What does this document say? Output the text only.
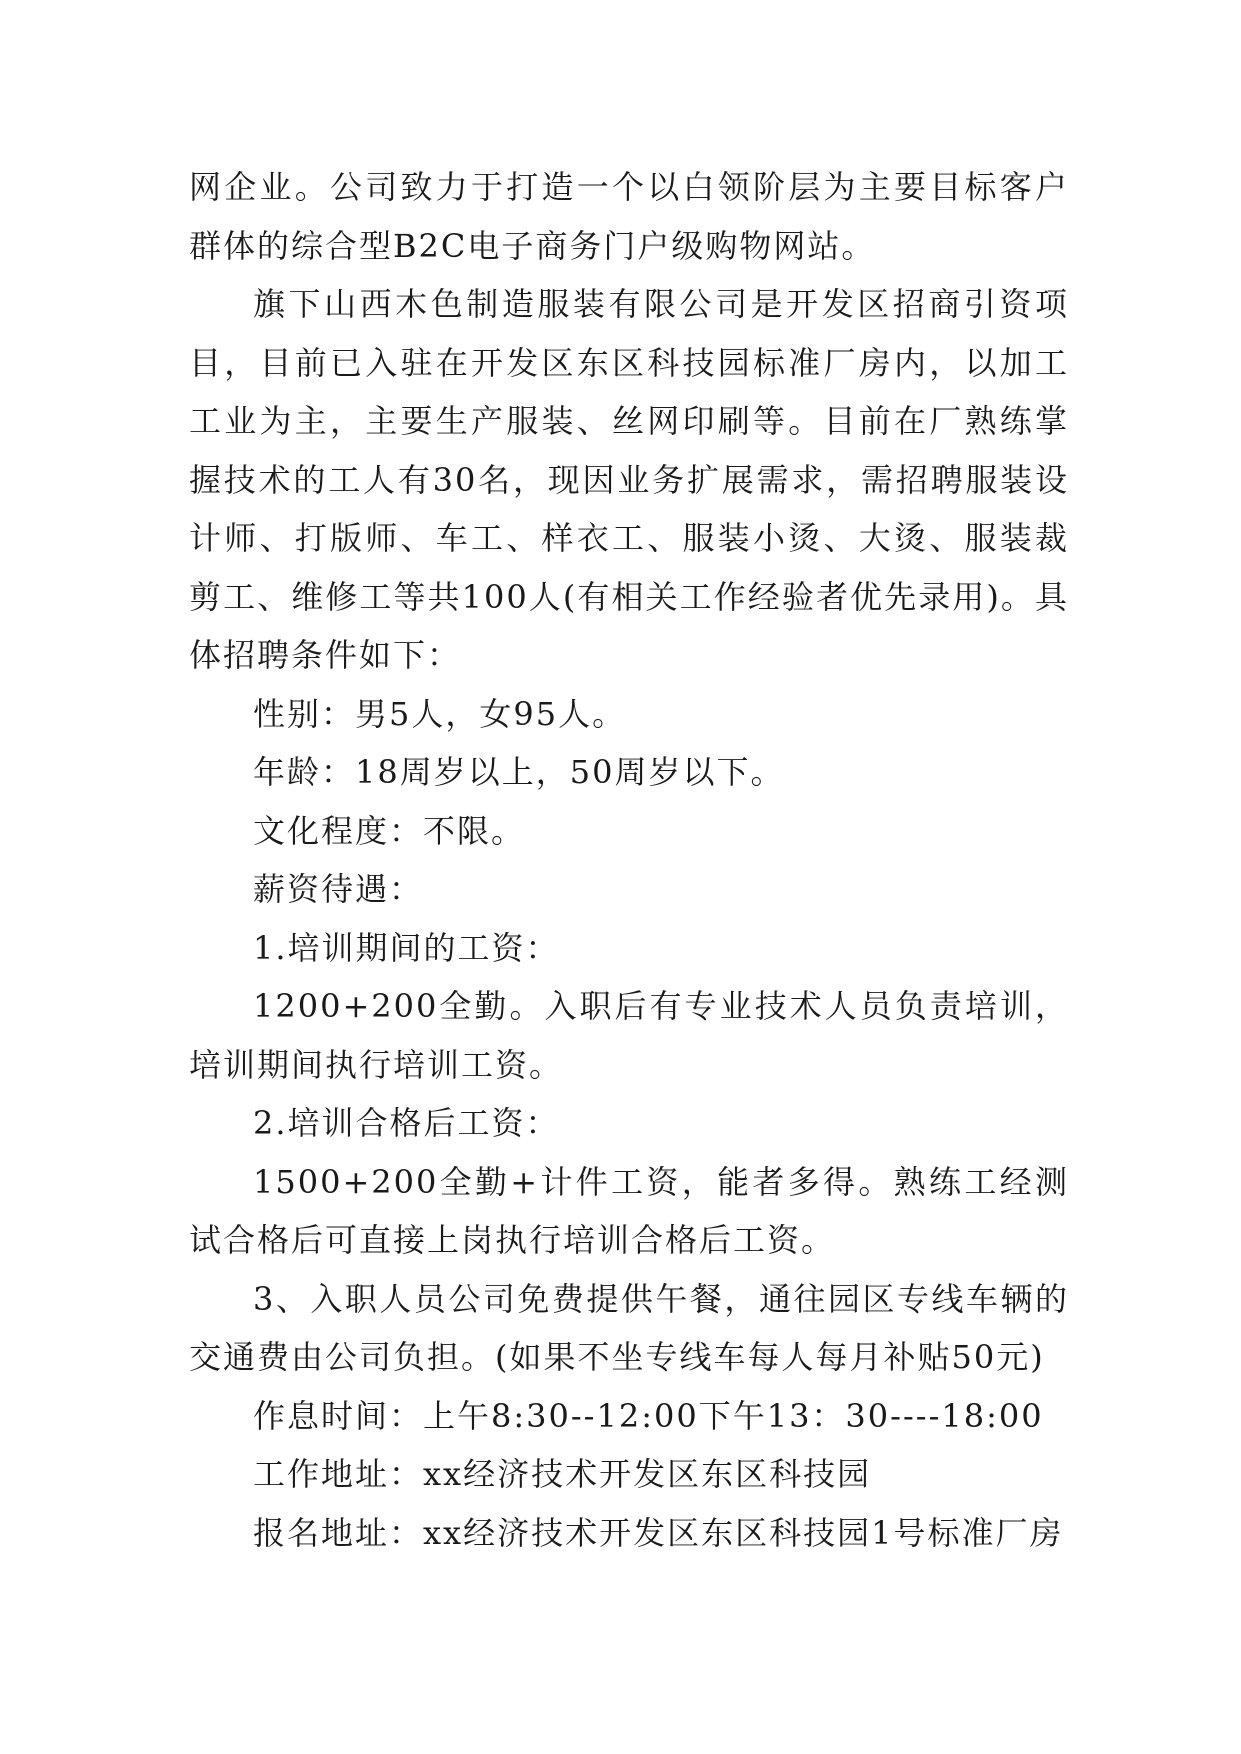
网企业。公司致力于打造一个以白领阶层为主要目标客户群体的综合型B2C电子商务门户级购物网站。

旗下山西木色制造服装有限公司是开发区招商引资项目，目前已入驻在开发区东区科技园标准厂房内，以加工工业为主，主要生产服装、丝网印刷等。目前在厂熟练掌握技术的工人有30名，现因业务扩展需求，需招聘服装设计师、打版师、车工、样衣工、服装小烫、大烫、服装裁剪工、维修工等共100人(有相关工作经验者优先录用)。具体招聘条件如下：

性别：男5人，女95人。

年龄：18周岁以上，50周岁以下。

文化程度：不限。

薪资待遇：

1.培训期间的工资：

1200+200全勤。入职后有专业技术人员负责培训，培训期间执行培训工资。

2.培训合格后工资：

1500+200全勤+计件工资，能者多得。熟练工经测试合格后可直接上岗执行培训合格后工资。

3、入职人员公司免费提供午餐，通往园区专线车辆的交通费由公司负担。(如果不坐专线车每人每月补贴50元)

作息时间：上午8:30--12:00下午13：30----18:00

工作地址：xx经济技术开发区东区科技园

报名地址：xx经济技术开发区东区科技园1号标准厂房
